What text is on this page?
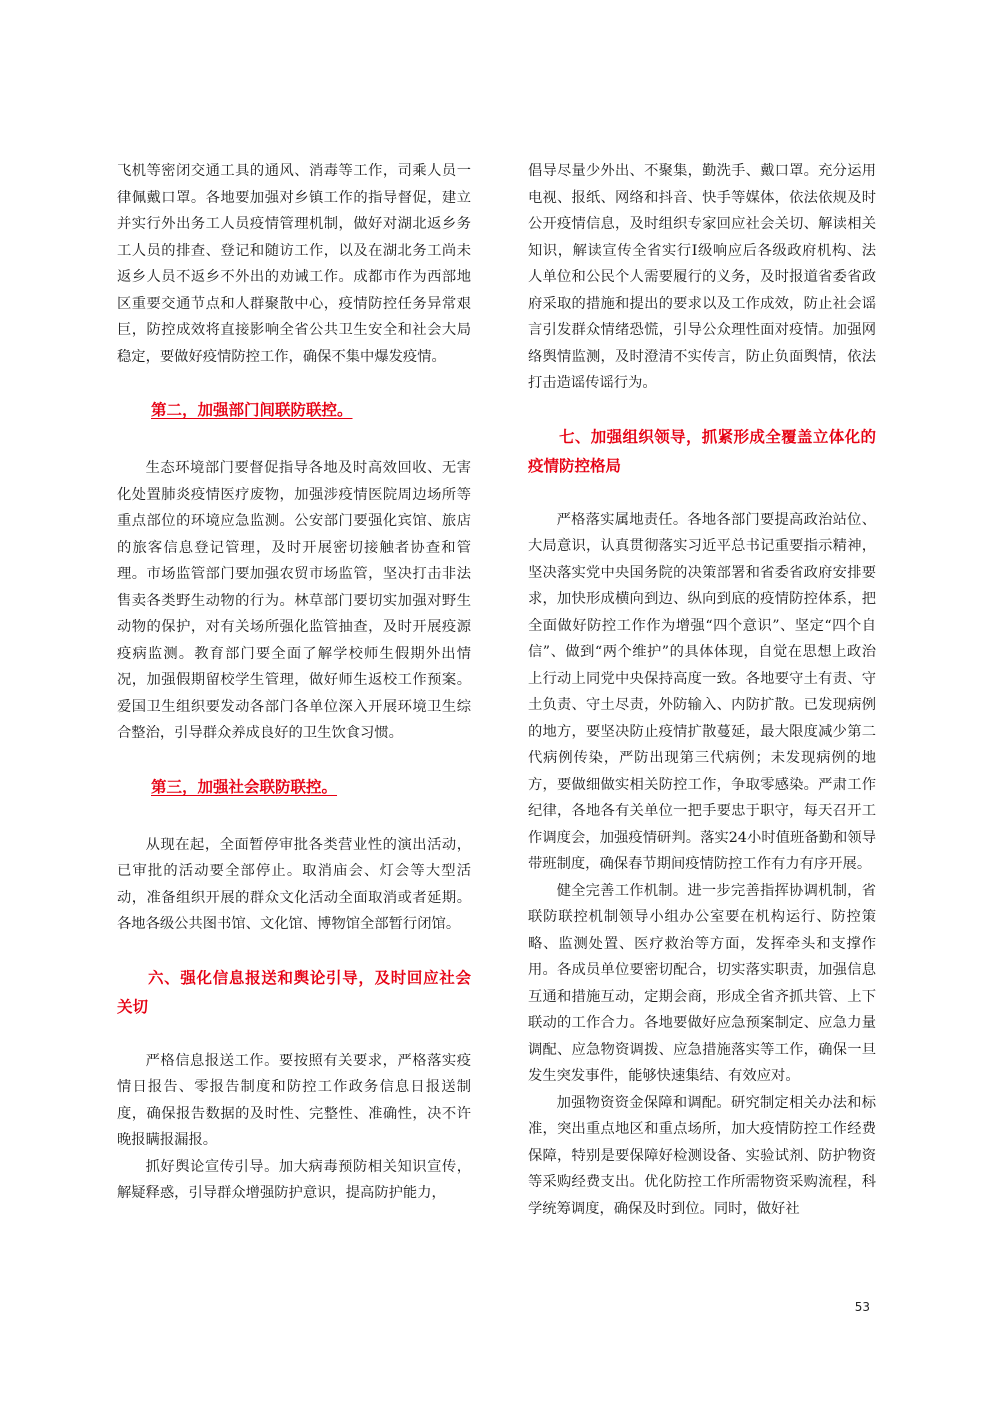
飞机等密闭交通工具的通风、消毒等工作，司乘人员一律佩戴口罩。各地要加强对乡镇工作的指导督促，建立并实行外出务工人员疫情管理机制，做好对湖北返乡务工人员的排查、登记和随访工作，以及在湖北务工尚未返乡人员不返乡不外出的劝诫工作。成都市作为西部地区重要交通节点和人群聚散中心，疫情防控任务异常艰巨，防控成效将直接影响全省公共卫生安全和社会大局稳定，要做好疫情防控工作，确保不集中爆发疫情。

第二，加强部门间联防联控。

生态环境部门要督促指导各地及时高效回收、无害化处置肺炎疫情医疗废物，加强涉疫情医院周边场所等重点部位的环境应急监测。公安部门要强化宾馆、旅店的旅客信息登记管理，及时开展密切接触者协查和管理。市场监管部门要加强农贸市场监管，坚决打击非法售卖各类野生动物的行为。林草部门要切实加强对野生动物的保护，对有关场所强化监管抽查，及时开展疫源疫病监测。教育部门要全面了解学校师生假期外出情况，加强假期留校学生管理，做好师生返校工作预案。爱国卫生组织要发动各部门各单位深入开展环境卫生综合整治，引导群众养成良好的卫生饮食习惯。

第三，加强社会联防联控。

从现在起，全面暂停审批各类营业性的演出活动，已审批的活动要全部停止。取消庙会、灯会等大型活动，准备组织开展的群众文化活动全面取消或者延期。各地各级公共图书馆、文化馆、博物馆全部暂行闭馆。

六、强化信息报送和舆论引导，及时回应社会关切

严格信息报送工作。要按照有关要求，严格落实疫情日报告、零报告制度和防控工作政务信息日报送制度，确保报告数据的及时性、完整性、准确性，决不许晚报瞒报漏报。

抓好舆论宣传引导。加大病毒预防相关知识宣传，解疑释惑，引导群众增强防护意识，提高防护能力，

倡导尽量少外出、不聚集，勤洗手、戴口罩。充分运用电视、报纸、网络和抖音、快手等媒体，依法依规及时公开疫情信息，及时组织专家回应社会关切、解读相关知识，解读宣传全省实行Ⅰ级响应后各级政府机构、法人单位和公民个人需要履行的义务，及时报道省委省政府采取的措施和提出的要求以及工作成效，防止社会谣言引发群众情绪恐慌，引导公众理性面对疫情。加强网络舆情监测，及时澄清不实传言，防止负面舆情，依法打击造谣传谣行为。

七、加强组织领导，抓紧形成全覆盖立体化的疫情防控格局

严格落实属地责任。各地各部门要提高政治站位、大局意识，认真贯彻落实习近平总书记重要指示精神，坚决落实党中央国务院的决策部署和省委省政府安排要求，加快形成横向到边、纵向到底的疫情防控体系，把全面做好防控工作作为增强“四个意识”、坚定“四个自信”、做到“两个维护”的具体体现，自觉在思想上政治上行动上同党中央保持高度一致。各地要守土有责、守土负责、守土尽责，外防输入、内防扩散。已发现病例的地方，要坚决防止疫情扩散蔓延，最大限度减少第二代病例传染，严防出现第三代病例；未发现病例的地方，要做细做实相关防控工作，争取零感染。严肃工作纪律，各地各有关单位一把手要忠于职守，每天召开工作调度会，加强疫情研判。落实24小时值班备勤和领导带班制度，确保春节期间疫情防控工作有力有序开展。

健全完善工作机制。进一步完善指挥协调机制，省联防联控机制领导小组办公室要在机构运行、防控策略、监测处置、医疗救治等方面，发挥牵头和支撑作用。各成员单位要密切配合，切实落实职责，加强信息互通和措施互动，定期会商，形成全省齐抓共管、上下联动的工作合力。各地要做好应急预案制定、应急力量调配、应急物资调拨、应急措施落实等工作，确保一旦发生突发事件，能够快速集结、有效应对。

加强物资资金保障和调配。研究制定相关办法和标准，突出重点地区和重点场所，加大疫情防控工作经费保障，特别是要保障好检测设备、实验试剂、防护物资等采购经费支出。优化防控工作所需物资采购流程，科学统筹调度，确保及时到位。同时，做好社

53
